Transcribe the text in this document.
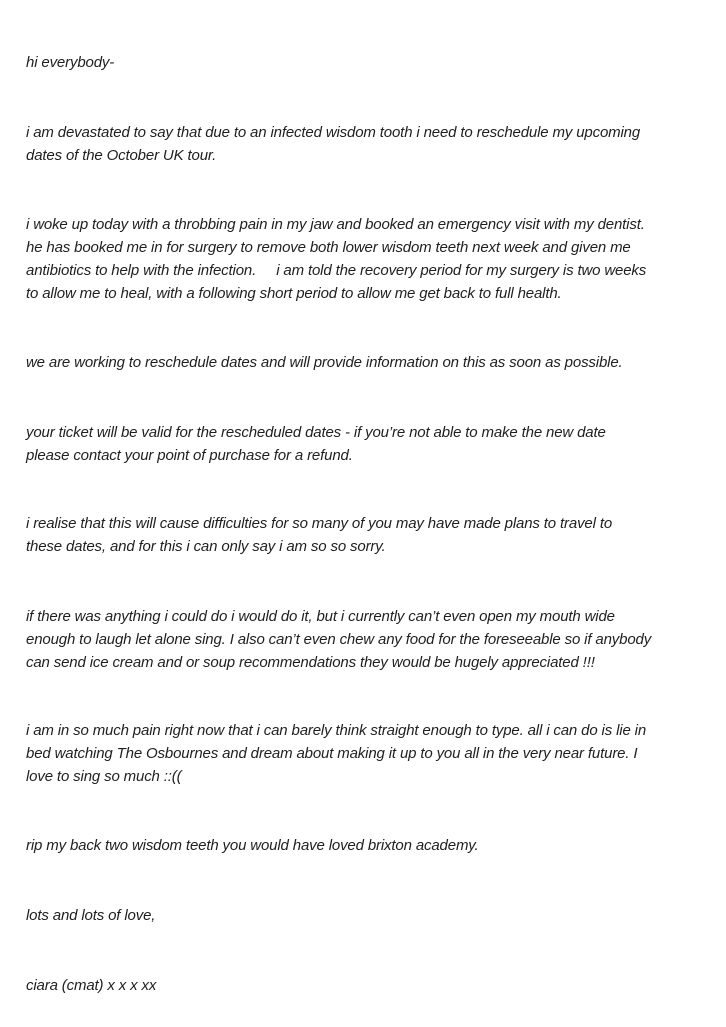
hi everybody-

i am devastated to say that due to an infected wisdom tooth i need to reschedule my upcoming
dates of the October UK tour.

i woke up today with a throbbing pain in my jaw and booked an emergency visit with my dentist.
he has booked me in for surgery to remove both lower wisdom teeth next week and given me
antibiotics to help with the infection.     i am told the recovery period for my surgery is two weeks
to allow me to heal, with a following short period to allow me get back to full health.

we are working to reschedule dates and will provide information on this as soon as possible.

your ticket will be valid for the rescheduled dates - if you’re not able to make the new date
please contact your point of purchase for a refund.

i realise that this will cause difficulties for so many of you may have made plans to travel to
these dates, and for this i can only say i am so so sorry.

if there was anything i could do i would do it, but i currently can’t even open my mouth wide
enough to laugh let alone sing. I also can’t even chew any food for the foreseeable so if anybody
can send ice cream and or soup recommendations they would be hugely appreciated !!!

i am in so much pain right now that i can barely think straight enough to type. all i can do is lie in
bed watching The Osbournes and dream about making it up to you all in the very near future. I
love to sing so much ::((

rip my back two wisdom teeth you would have loved brixton academy.

lots and lots of love,

ciara (cmat) x x x xx
